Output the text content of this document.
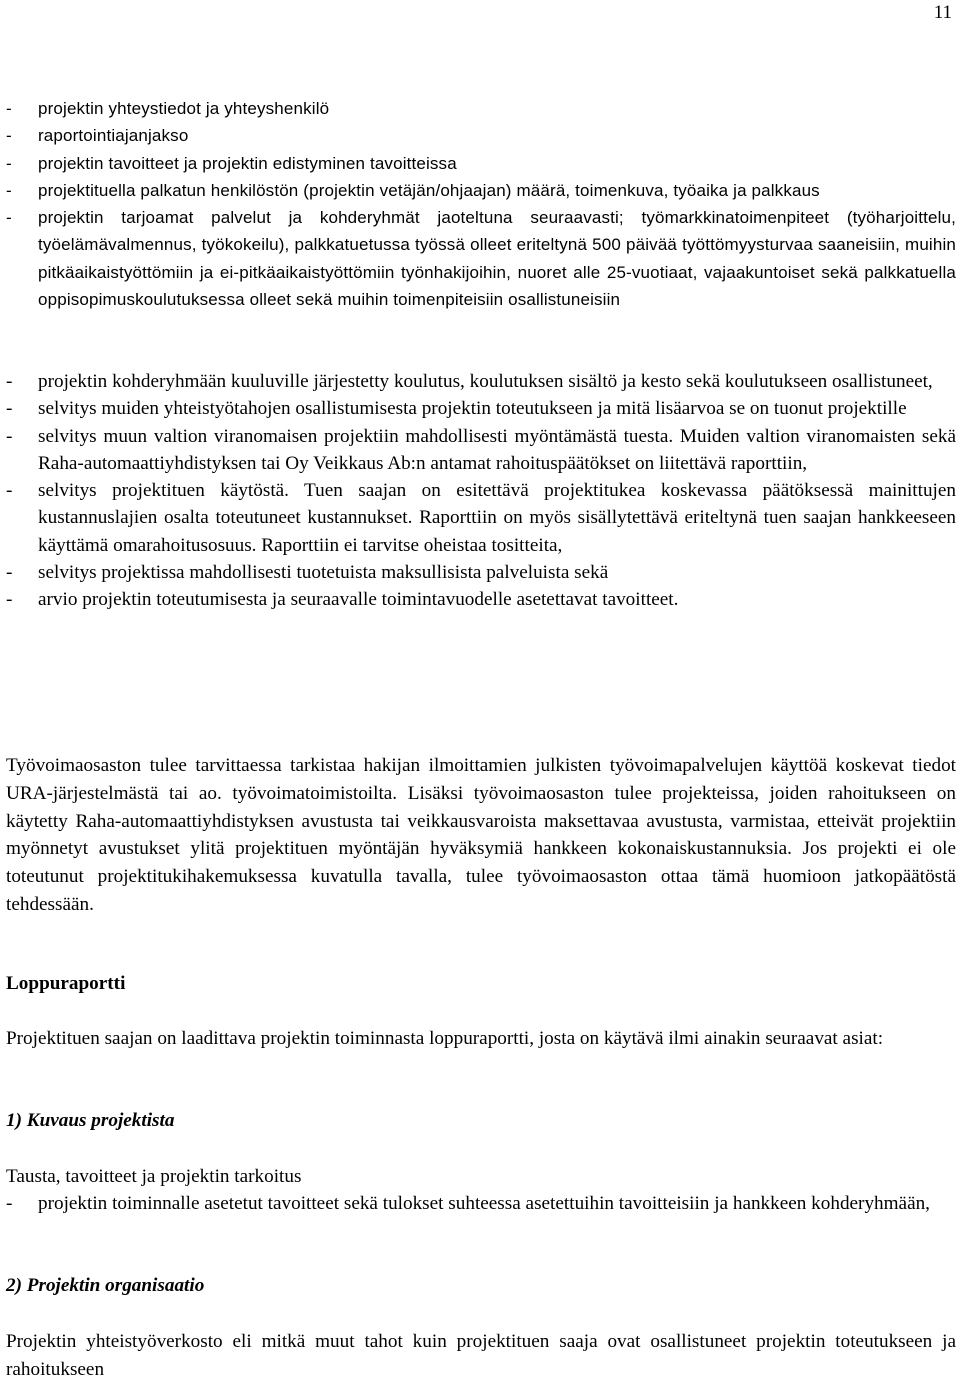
11
- projektin yhteystiedot ja yhteyshenkilö
- raportointiajanjakso
- projektin tavoitteet ja projektin edistyminen tavoitteissa
- projektituella palkatun henkilöstön (projektin vetäjän/ohjaajan) määrä, toimenkuva, työaika ja palkkaus
- projektin tarjoamat palvelut ja kohderyhmät jaoteltuna seuraavasti; työmarkkinatoimenpiteet (työharjoittelu, työelämävalmennus, työkokeilu), palkkatuetussa työssä olleet eriteltynä 500 päivää työttömyysturvaa saaneisiin, muihin pitkäaikaistyöttömiin ja ei-pitkäaikaistyöttömiin työnhakijoihin, nuoret alle 25-vuotiaat, vajaakuntoiset sekä palkkatuella oppisopimuskoulutuksessa olleet sekä muihin toimenpiteisiin osallistuneisiin
- projektin kohderyhmään kuuluville järjestetty koulutus, koulutuksen sisältö ja kesto sekä koulutukseen osallistuneet,
- selvitys muiden yhteistyötahojen osallistumisesta projektin toteutukseen ja mitä lisäarvoa se on tuonut projektille
- selvitys muun valtion viranomaisen projektiin mahdollisesti myöntämästä tuesta. Muiden valtion viranomaisten sekä Raha-automaattiyhdistyksen tai Oy Veikkaus Ab:n antamat rahoituspäätökset on liitettävä raporttiin,
- selvitys projektituen käytöstä. Tuen saajan on esitettävä projektitukea koskevassa päätöksessä mainittujen kustannuslajien osalta toteutuneet kustannukset. Raporttiin on myös sisällytettävä eriteltynä tuen saajan hankkeeseen käyttämä omarahoitusosuus. Raporttiin ei tarvitse oheistaa tositteita,
- selvitys projektissa mahdollisesti tuotetuista maksullisista palveluista sekä
- arvio projektin toteutumisesta ja seuraavalle toimintavuodelle asetettavat tavoitteet.

Työvoimaosaston tulee tarvittaessa tarkistaa hakijan ilmoittamien julkisten työvoimapalvelujen käyttöä koskevat tiedot URA-järjestelmästä tai ao. työvoimatoimistoilta. Lisäksi työvoimaosaston tulee projekteissa, joiden rahoitukseen on käytetty Raha-automaattiyhdistyksen avustusta tai veikkausvaroista maksettavaa avustusta, varmistaa, etteivät projektiin myönnetyt avustukset ylitä projektituen myöntäjän hyväksymiä hankkeen kokonaiskustannuksia. Jos projekti ei ole toteutunut projektitukihakemuksessa kuvatulla tavalla, tulee työvoimaosaston ottaa tämä huomioon jatkopäätöstä tehdessään.

Loppuraportti

Projektituen saajan on laadittava projektin toiminnasta loppuraportti, josta on käytävä ilmi ainakin seuraavat asiat:

1) Kuvaus projektista

Tausta, tavoitteet ja projektin tarkoitus

- projektin toiminnalle asetetut tavoitteet sekä tulokset suhteessa asetettuihin tavoitteisiin ja hankkeen kohderyhmään,
2) Projektin organisaatio

Projektin yhteistyöverkosto eli mitkä muut tahot kuin projektituen saaja ovat osallistuneet projektin toteutukseen ja rahoitukseen
